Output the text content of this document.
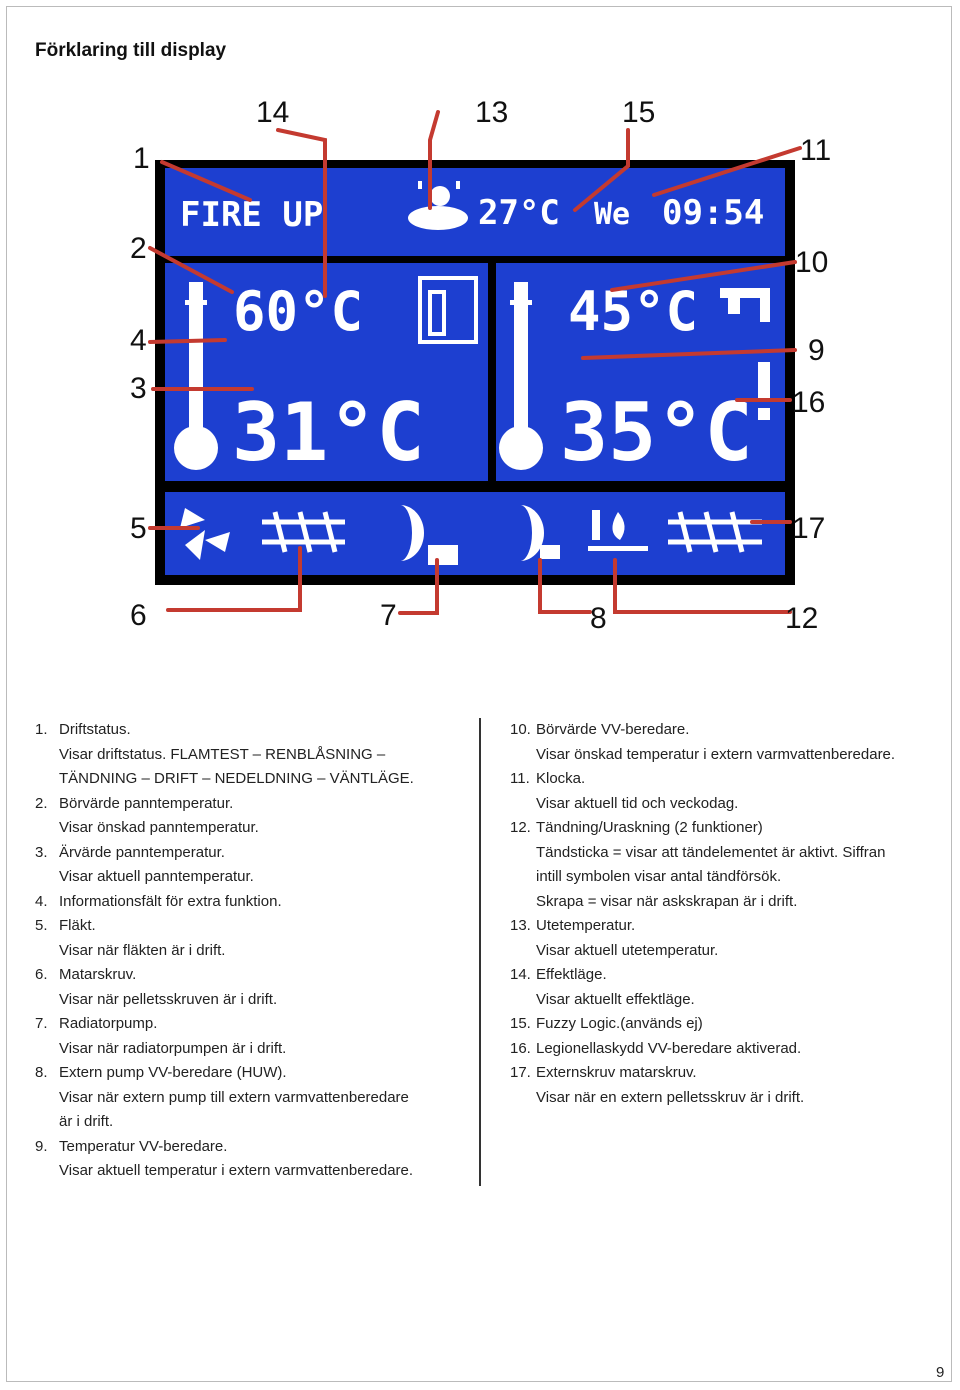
Förklaring till display
FIRE UP	27°C We 09:54
60°C
31°C
45°C
35°C
1
2
3
4
5
6	7	8
9
10
11
12
13
14	15
16
17
1. Driftstatus.
Visar driftstatus. FLAMTEST – RENBLÅSNING –
TÄNDNING – DRIFT – NEDELDNING – VÄNTLÄGE.
2. Börvärde panntemperatur.
Visar önskad panntemperatur.
3. Ärvärde panntemperatur.
Visar aktuell panntemperatur.
4. Informationsfält för extra funktion.
5. Fläkt.
Visar när fläkten är i drift.
6. Matarskruv.
Visar när pelletsskruven är i drift.
7. Radiatorpump.
Visar när radiatorpumpen är i drift.
8. Extern pump VV-beredare (HUW).
Visar när extern pump till extern varmvattenberedare
är i drift.
9. Temperatur VV-beredare.
Visar aktuell temperatur i extern varmvattenberedare.
10. Börvärde VV-beredare.
Visar önskad temperatur i extern varmvattenberedare.
11. Klocka.
Visar aktuell tid och veckodag.
12. Tändning/Uraskning (2 funktioner)
Tändsticka = visar att tändelementet är aktivt. Siffran
intill symbolen visar antal tändförsök.
Skrapa = visar när askskrapan är i drift.
13. Utetemperatur.
Visar aktuell utetemperatur.
14. Effektläge.
Visar aktuellt effektläge.
15. Fuzzy Logic.(används ej)
16. Legionellaskydd VV-beredare aktiverad.
17. Externskruv matarskruv.
Visar när en extern pelletsskruv är i drift.
9
